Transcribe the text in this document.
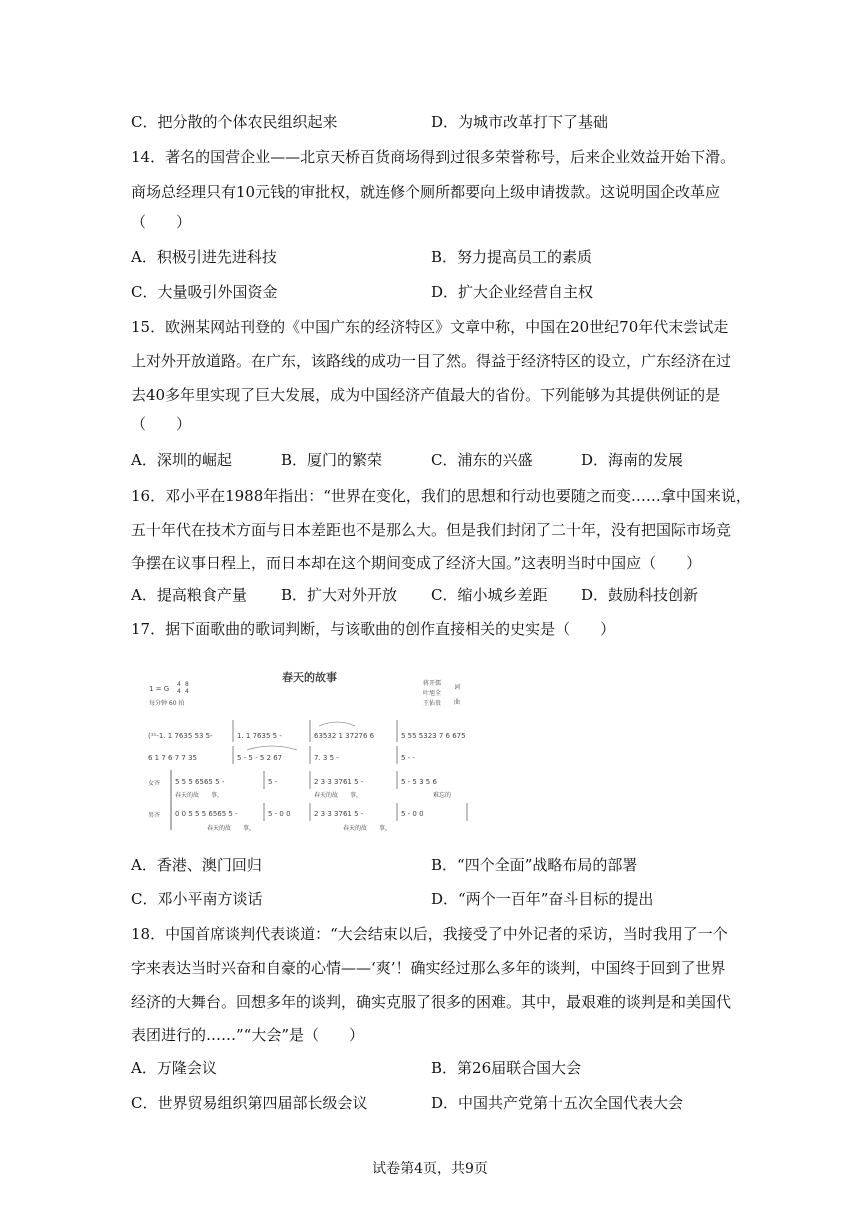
C．把分散的个体农民组织起来	D．为城市改革打下了基础
14．著名的国营企业——北京天桥百货商场得到过很多荣誉称号，后来企业效益开始下滑。
商场总经理只有10元钱的审批权，就连修个厕所都要向上级申请拨款。这说明国企改革应
（　　）
A．积极引进先进科技	B．努力提高员工的素质
C．大量吸引外国资金	D．扩大企业经营自主权
15．欧洲某网站刊登的《中国广东的经济特区》文章中称，中国在20世纪70年代末尝试走
上对外开放道路。在广东，该路线的成功一目了然。得益于经济特区的设立，广东经济在过
去40多年里实现了巨大发展，成为中国经济产值最大的省份。下列能够为其提供例证的是
（　　）
A．深圳的崛起	B．厦门的繁荣	C．浦东的兴盛	D．海南的发展
16．邓小平在1988年指出：“世界在变化，我们的思想和行动也要随之而变……拿中国来说，
五十年代在技术方面与日本差距也不是那么大。但是我们封闭了二十年，没有把国际市场竞
争摆在议事日程上，而日本却在这个期间变成了经济大国。”这表明当时中国应（　　）
A．提高粮食产量 B．扩大对外开放 C．缩小城乡差距 D．鼓励科技创新
17．据下面歌曲的歌词判断，与该歌曲的创作直接相关的史实是（　　）
春天的故事
1 = G
4
4
8
4
每分钟 60 拍
蒋开儒
叶旭全
王佑贵
词
曲
(¹¹-1. 1 7635 53 5-	1. 1 7635 5 -	63532 1 37276 6	5 55 5323 7 6 675
6 1 7 6 7 7 35	5 - 5 - 5 2 67	7. 3 5 -	5 - -
女齐 5 5 5 6565 5 -	5 -	2 3 3 3761 5 -	5 - 5 3 5 6
春天的故　　事，	春天的故　　事，	难忘的
男齐 0 0 5 5 5 6565 5 -	5 - 0 0	2 3 3 3761 5 -	5 - 0 0
春天的故　　事，	春天的故　　事，
A．香港、澳门回归	B．“四个全面”战略布局的部署
C．邓小平南方谈话	D．“两个一百年”奋斗目标的提出
18．中国首席谈判代表谈道：“大会结束以后，我接受了中外记者的采访，当时我用了一个
字来表达当时兴奋和自豪的心情——‘爽’！确实经过那么多年的谈判，中国终于回到了世界
经济的大舞台。回想多年的谈判，确实克服了很多的困难。其中，最艰难的谈判是和美国代
表团进行的……”“大会”是（　　）
A．万隆会议	B．第26届联合国大会
C．世界贸易组织第四届部长级会议	D．中国共产党第十五次全国代表大会
试卷第4页，共9页
